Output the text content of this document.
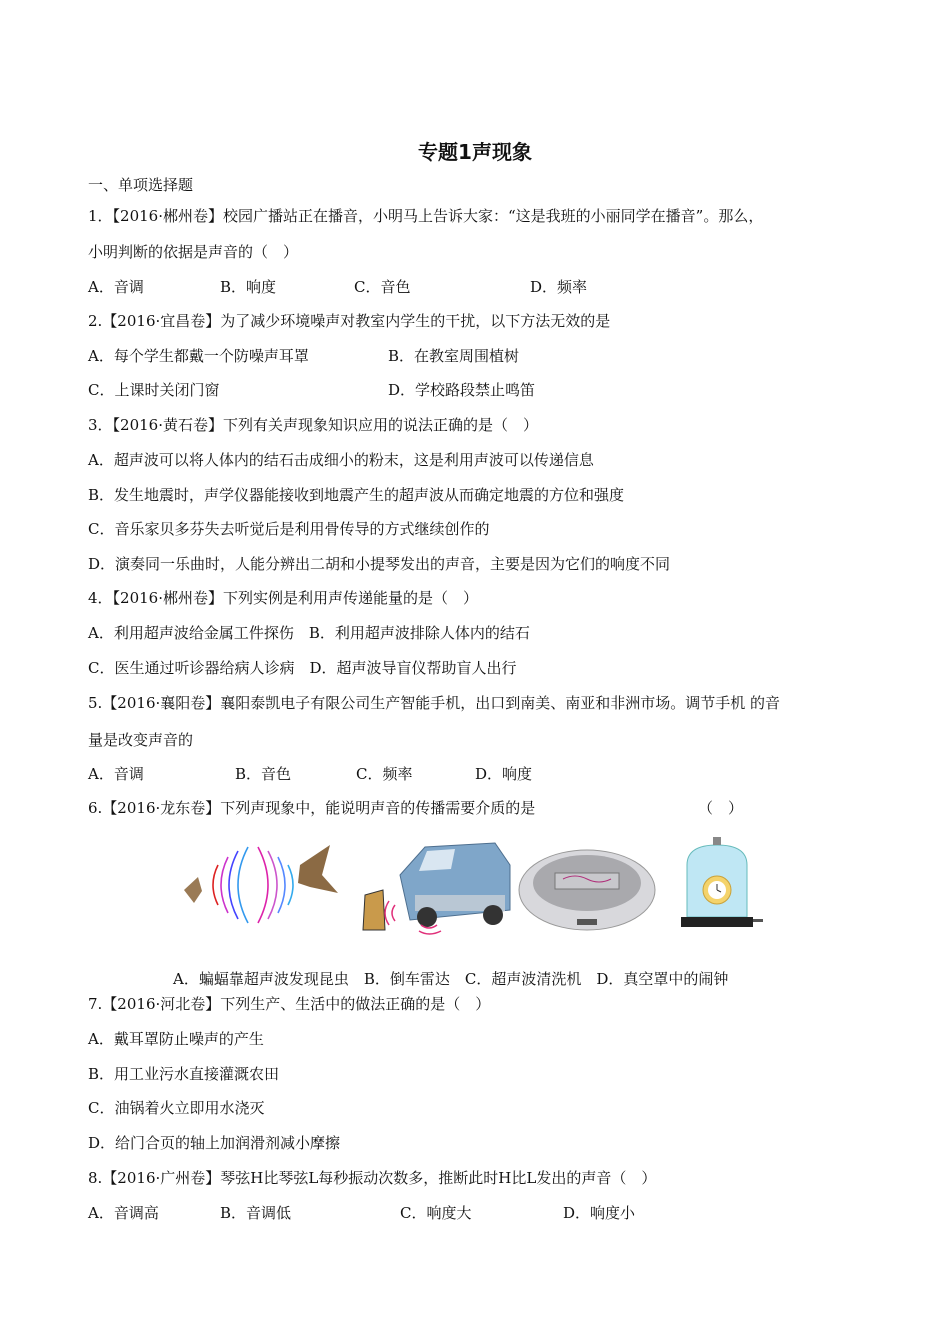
专题1声现象
一、单项选择题
1．【2016·郴州卷】校园广播站正在播音，小明马上告诉大家：“这是我班的小丽同学在播音”。那么，
小明判断的依据是声音的（　）
A．音调	B．响度	C．音色	D．频率
2.【2016·宜昌卷】为了减少环境噪声对教室内学生的干扰，以下方法无效的是
A．每个学生都戴一个防噪声耳罩	B．在教室周围植树
C．上课时关闭门窗	D．学校路段禁止鸣笛
3．【2016·黄石卷】下列有关声现象知识应用的说法正确的是（　）
A．超声波可以将人体内的结石击成细小的粉末，这是利用声波可以传递信息
B．发生地震时，声学仪器能接收到地震产生的超声波从而确定地震的方位和强度
C．音乐家贝多芬失去听觉后是利用骨传导的方式继续创作的
D．演奏同一乐曲时，人能分辨出二胡和小提琴发出的声音，主要是因为它们的响度不同
4．【2016·郴州卷】下列实例是利用声传递能量的是（　）
A．利用超声波给金属工件探伤　B．利用超声波排除人体内的结石
C．医生通过听诊器给病人诊病　D．超声波导盲仪帮助盲人出行
5.【2016·襄阳卷】襄阳泰凯电子有限公司生产智能手机，出口到南美、南亚和非洲市场。调节手机 的音
量是改变声音的
A．音调	B．音色	C．频率	D．响度
6.【2016·龙东卷】下列声现象中，能说明声音的传播需要介质的是	（　）
A．蝙蝠靠超声波发现昆虫　B．倒车雷达　C．超声波清洗机　D．真空罩中的闹钟
7.【2016·河北卷】下列生产、生活中的做法正确的是（　）
A．戴耳罩防止噪声的产生
B．用工业污水直接灌溉农田
C．油锅着火立即用水浇灭
D．给门合页的轴上加润滑剂减小摩擦
8.【2016·广州卷】琴弦H比琴弦L每秒振动次数多，推断此时H比L发出的声音（　）
A．音调高	B．音调低	C．响度大	D．响度小
